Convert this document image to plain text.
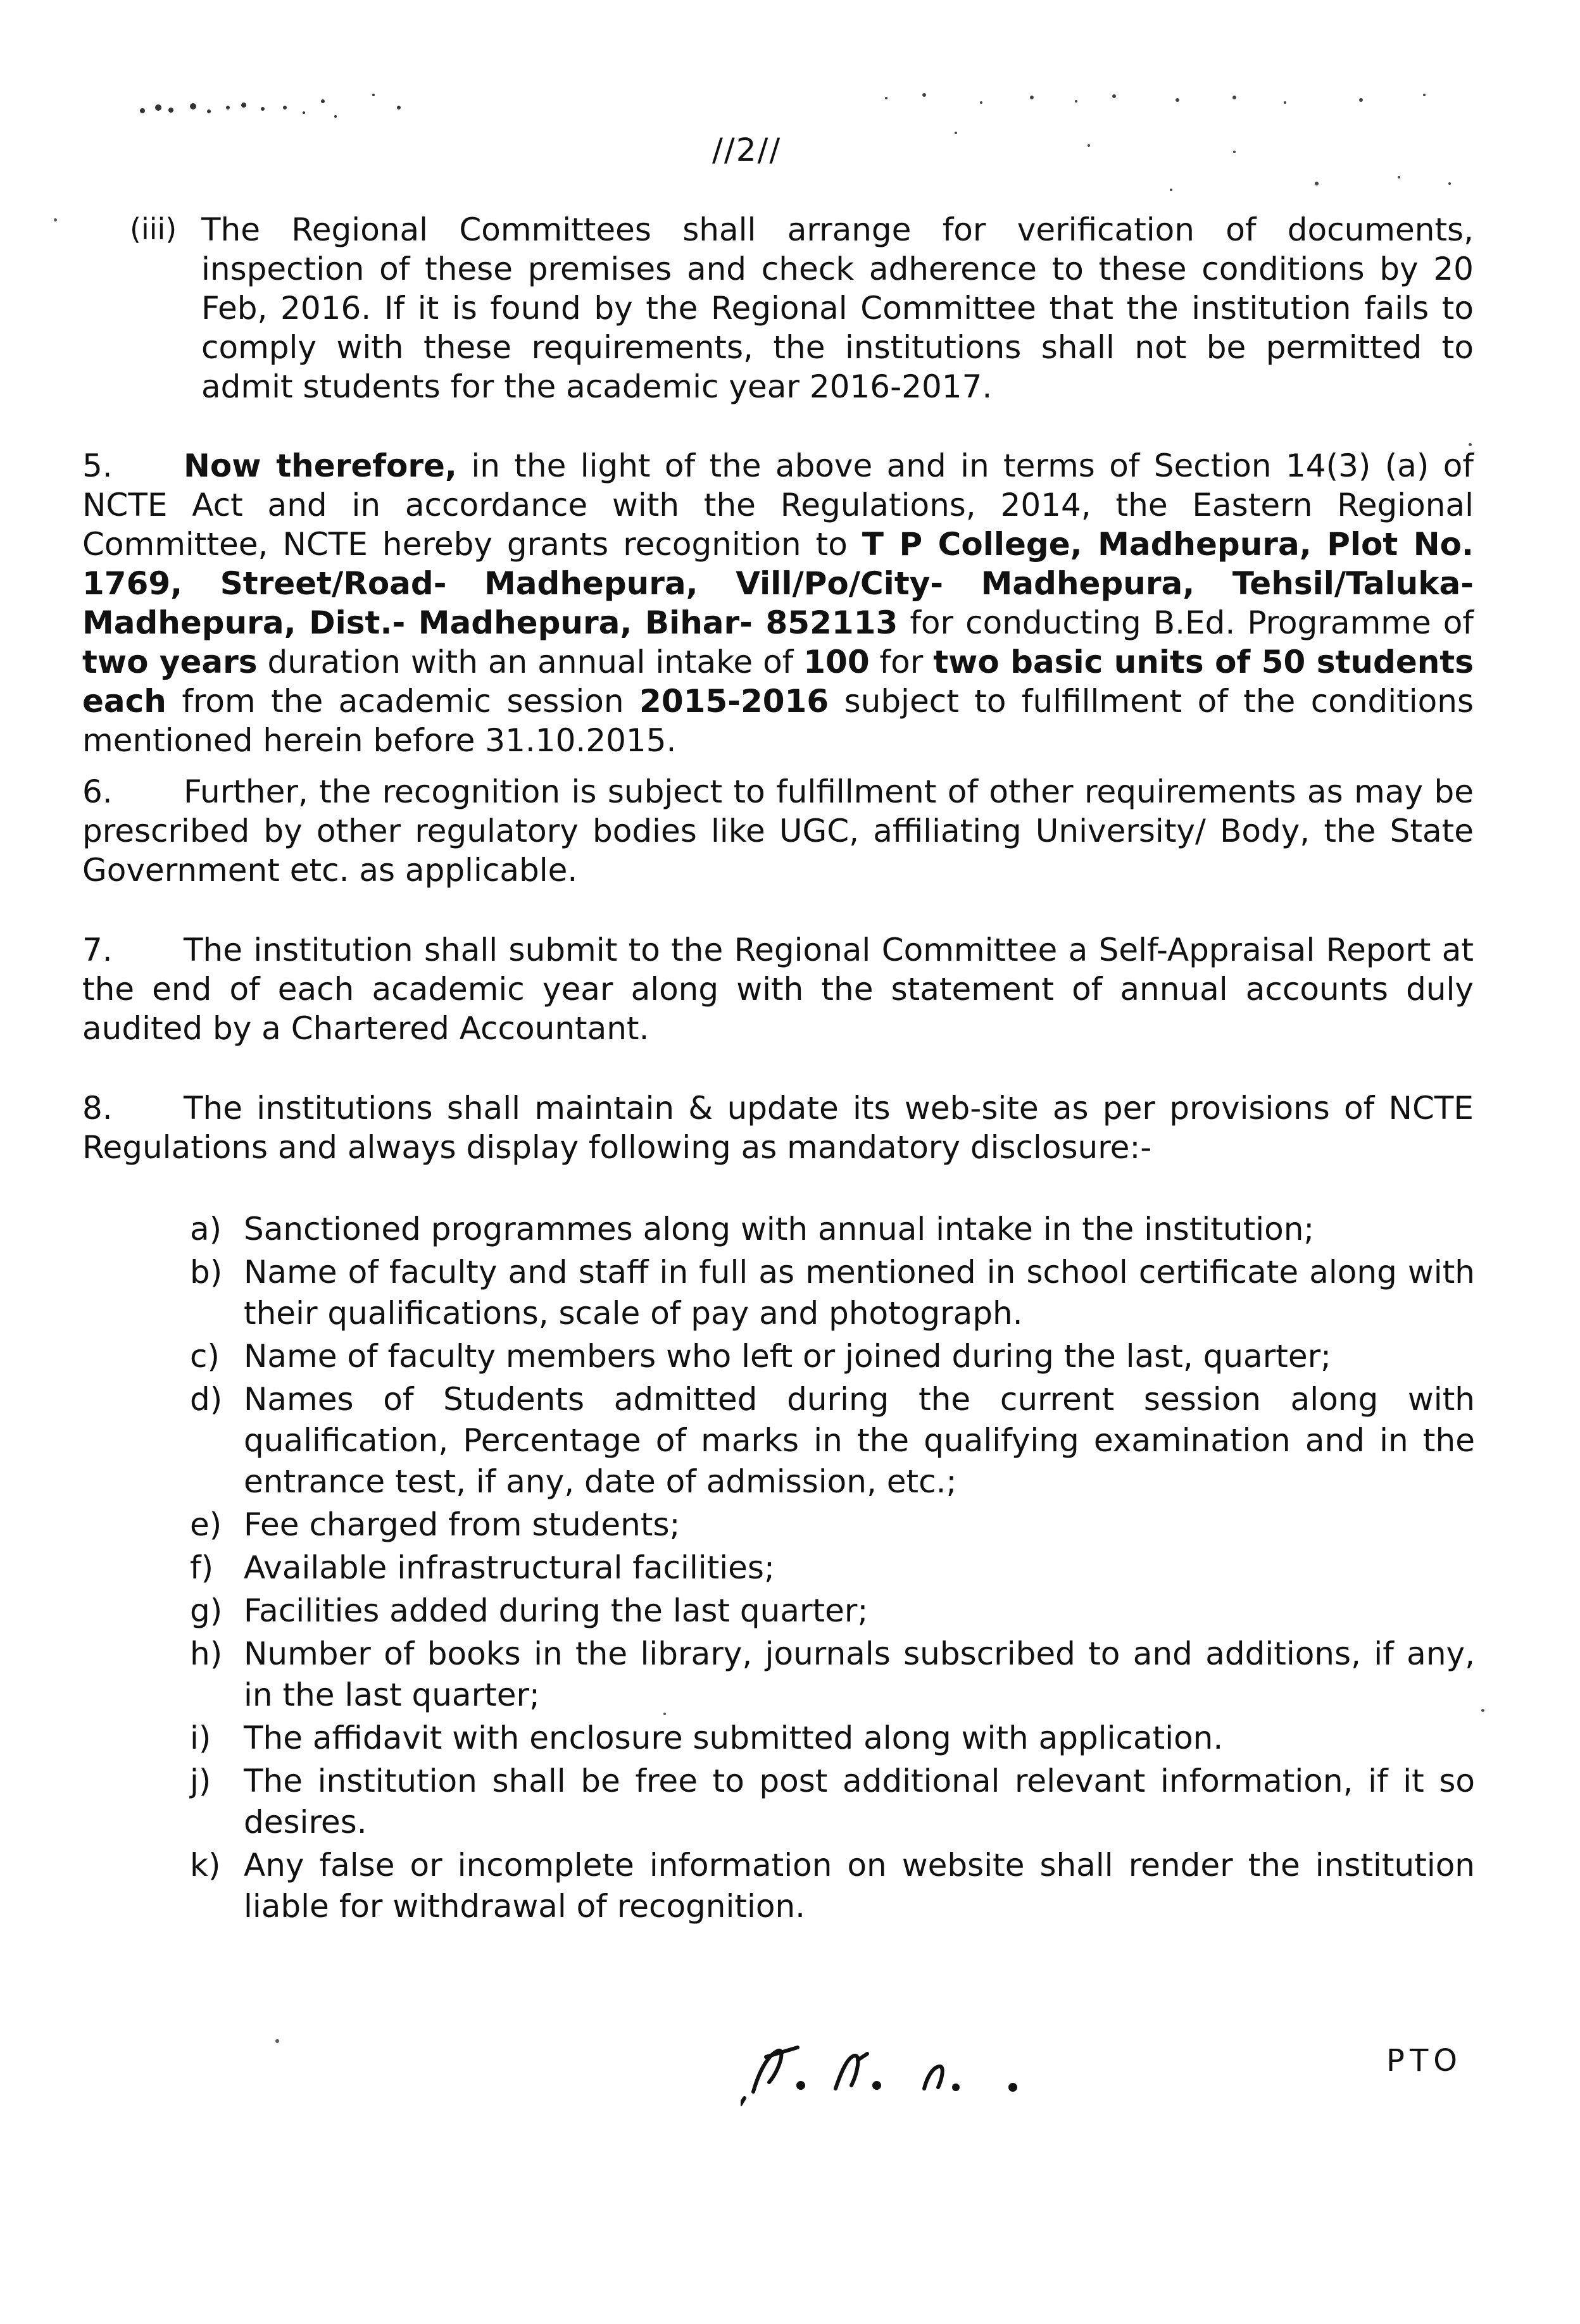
//2//
(iii) The Regional Committees shall arrange for verification of documents, inspection of these premises and check adherence to these conditions by 20 Feb, 2016. If it is found by the Regional Committee that the institution fails to comply with these requirements, the institutions shall not be permitted to admit students for the academic year 2016-2017.
5. Now therefore, in the light of the above and in terms of Section 14(3) (a) of NCTE Act and in accordance with the Regulations, 2014, the Eastern Regional Committee, NCTE hereby grants recognition to T P College, Madhepura, Plot No. 1769, Street/Road- Madhepura, Vill/Po/City- Madhepura, Tehsil/Taluka- Madhepura, Dist.- Madhepura, Bihar- 852113 for conducting B.Ed. Programme of two years duration with an annual intake of 100 for two basic units of 50 students each from the academic session 2015-2016 subject to fulfillment of the conditions mentioned herein before 31.10.2015.
6. Further, the recognition is subject to fulfillment of other requirements as may be prescribed by other regulatory bodies like UGC, affiliating University/ Body, the State Government etc. as applicable.
7. The institution shall submit to the Regional Committee a Self-Appraisal Report at the end of each academic year along with the statement of annual accounts duly audited by a Chartered Accountant.
8. The institutions shall maintain & update its web-site as per provisions of NCTE Regulations and always display following as mandatory disclosure:-
a) Sanctioned programmes along with annual intake in the institution;
b) Name of faculty and staff in full as mentioned in school certificate along with their qualifications, scale of pay and photograph.
c) Name of faculty members who left or joined during the last, quarter;
d) Names of Students admitted during the current session along with qualification, Percentage of marks in the qualifying examination and in the entrance test, if any, date of admission, etc.;
e) Fee charged from students;
f) Available infrastructural facilities;
g) Facilities added during the last quarter;
h) Number of books in the library, journals subscribed to and additions, if any, in the last quarter;
i) The affidavit with enclosure submitted along with application.
j) The institution shall be free to post additional relevant information, if it so desires.
k) Any false or incomplete information on website shall render the institution liable for withdrawal of recognition.
PTO
